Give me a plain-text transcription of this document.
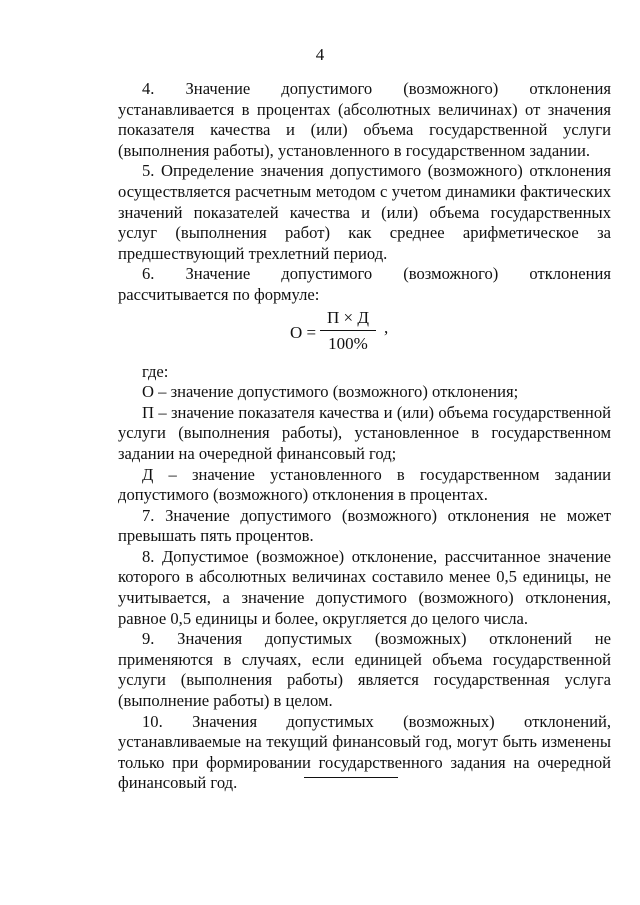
4

4. Значение допустимого (возможного) отклонения устанавливается в процентах (абсолютных величинах) от значения показателя качества и (или) объема государственной услуги (выполнения работы), установленного в государственном задании.

5. Определение значения допустимого (возможного) отклонения осуществляется расчетным методом с учетом динамики фактических значений показателей качества и (или) объема государственных услуг (выполнения работ) как среднее арифметическое за предшествующий трехлетний период.

6. Значение допустимого (возможного) отклонения рассчитывается по формуле:

О =
П × Д
100%
,

где:

О – значение допустимого (возможного) отклонения;

П – значение показателя качества и (или) объема государственной услуги (выполнения работы), установленное в государственном задании на очередной финансовый год;

Д – значение установленного в государственном задании допустимого (возможного) отклонения в процентах.

7. Значение допустимого (возможного) отклонения не может превышать пять процентов.

8. Допустимое (возможное) отклонение, рассчитанное значение которого в абсолютных величинах составило менее 0,5 единицы, не учитывается, а значение допустимого (возможного) отклонения, равное 0,5 единицы и более, округляется до целого числа.

9. Значения допустимых (возможных) отклонений не применяются в случаях, если единицей объема государственной услуги (выполнения работы) является государственная услуга (выполнение работы) в целом.

10. Значения допустимых (возможных) отклонений, устанавливаемые на текущий финансовый год, могут быть изменены только при формировании государственного задания на очередной финансовый год.
